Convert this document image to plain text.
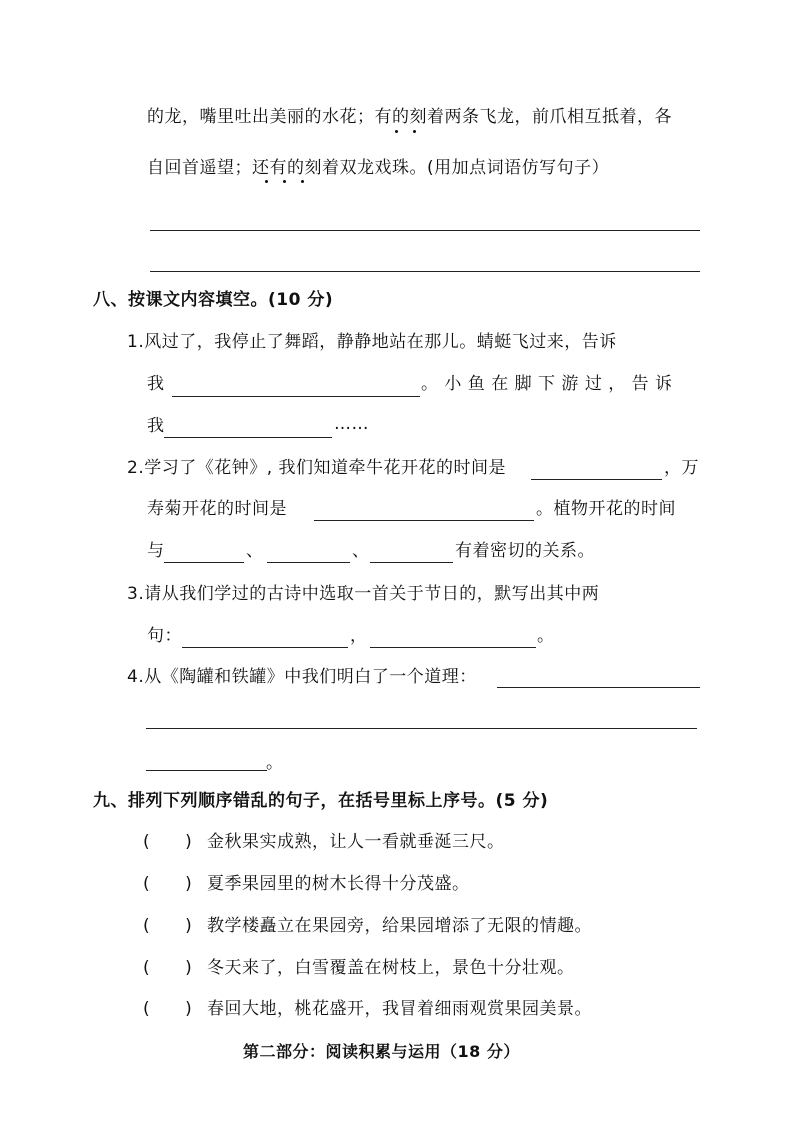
的龙，嘴里吐出美丽的水花；有的刻着两条飞龙，前爪相互抵着，各
自回首遥望；还有的刻着双龙戏珠。(用加点词语仿写句子）
八、按课文内容填空。(10 分)
1.风过了，我停止了舞蹈，静静地站在那儿。蜻蜓飞过来，告诉
我	。 小 鱼 在 脚 下 游 过 ， 告 诉
我	……
2.学习了《花钟》, 我们知道牵牛花开花的时间是	，万
寿菊开花的时间是	。植物开花的时间
与	、	、	有着密切的关系。
3.请从我们学过的古诗中选取一首关于节日的，默写出其中两
句：	，	。
4.从《陶罐和铁罐》中我们明白了一个道理：
。
九、排列下列顺序错乱的句子，在括号里标上序号。(5 分)
(　　) 金秋果实成熟，让人一看就垂涎三尺。
(　　) 夏季果园里的树木长得十分茂盛。
(　　) 教学楼矗立在果园旁，给果园增添了无限的情趣。
(　　) 冬天来了，白雪覆盖在树枝上，景色十分壮观。
(　　) 春回大地，桃花盛开，我冒着细雨观赏果园美景。
第二部分：阅读积累与运用（18 分）
